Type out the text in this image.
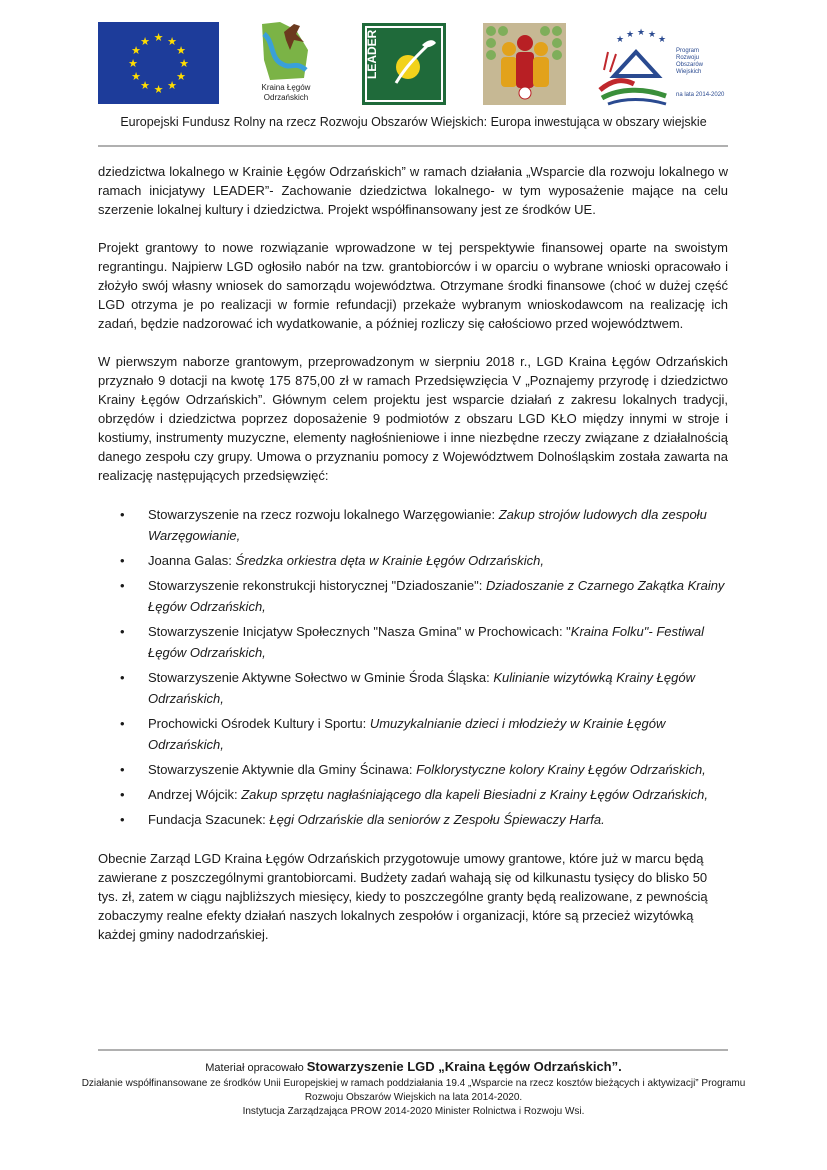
★ ★
★
★
★
★
★
★
★
★
★
★
Kraina Łęgów
Odrzańskich
LEADER	★ ★ ★ ★ ★
Program
Rozwoju
Obszarów
Wiejskich
na lata 2014-2020
Europejski Fundusz Rolny na rzecz Rozwoju Obszarów Wiejskich: Europa inwestująca w obszary wiejskie

dziedzictwa lokalnego w Krainie Łęgów Odrzańskich” w ramach działania „Wsparcie dla rozwoju lokalnego w ramach inicjatywy LEADER”- Zachowanie dziedzictwa lokalnego- w tym wyposażenie mające na celu szerzenie lokalnej kultury i dziedzictwa. Projekt współfinansowany jest ze środków UE.

Projekt grantowy to nowe rozwiązanie wprowadzone w tej perspektywie finansowej oparte na swoistym regrantingu. Najpierw LGD ogłosiło nabór na tzw. grantobiorców i w oparciu o wybrane wnioski opracowało i złożyło swój własny wniosek do samorządu województwa. Otrzymane środki finansowe (choć w dużej część LGD otrzyma je po realizacji w formie refundacji) przekaże wybranym wnioskodawcom na realizację ich zadań, będzie nadzorować ich wydatkowanie, a później rozliczy się całościowo przed województwem.

W pierwszym naborze grantowym, przeprowadzonym w sierpniu 2018 r., LGD Kraina Łęgów Odrzańskich przyznało 9 dotacji na kwotę 175 875,00 zł w ramach Przedsięwzięcia V „Poznajemy przyrodę i dziedzictwo Krainy Łęgów Odrzańskich”. Głównym celem projektu jest wsparcie działań z zakresu lokalnych tradycji, obrzędów i dziedzictwa poprzez doposażenie 9 podmiotów z obszaru LGD KŁO między innymi w stroje i kostiumy, instrumenty muzyczne, elementy nagłośnieniowe i inne niezbędne rzeczy związane z działalnością danego zespołu czy grupy. Umowa o przyznaniu pomocy z Województwem Dolnośląskim została zawarta na realizację następujących przedsięwzięć:

• Stowarzyszenie na rzecz rozwoju lokalnego Warzęgowianie: Zakup strojów ludowych dla zespołu Warzęgowianie,
• Joanna Galas: Średzka orkiestra dęta w Krainie Łęgów Odrzańskich,
• Stowarzyszenie rekonstrukcji historycznej "Dziadoszanie": Dziadoszanie z Czarnego Zakątka Krainy Łęgów Odrzańskich,
• Stowarzyszenie Inicjatyw Społecznych "Nasza Gmina" w Prochowicach: "Kraina Folku"- Festiwal Łęgów Odrzańskich,
• Stowarzyszenie Aktywne Sołectwo w Gminie Środa Śląska: Kulinianie wizytówką Krainy Łęgów Odrzańskich,
• Prochowicki Ośrodek Kultury i Sportu: Umuzykalnianie dzieci i młodzieży w Krainie Łęgów Odrzańskich,
• Stowarzyszenie Aktywnie dla Gminy Ścinawa: Folklorystyczne kolory Krainy Łęgów Odrzańskich,
• Andrzej Wójcik: Zakup sprzętu nagłaśniającego dla kapeli Biesiadni z Krainy Łęgów Odrzańskich,
• Fundacja Szacunek: Łęgi Odrzańskie dla seniorów z Zespołu Śpiewaczy Harfa.

Obecnie Zarząd LGD Kraina Łęgów Odrzańskich przygotowuje umowy grantowe, które już w marcu będą zawierane z poszczególnymi grantobiorcami. Budżety zadań wahają się od kilkunastu tysięcy do blisko 50 tys. zł, zatem w ciągu najbliższych miesięcy, kiedy to poszczególne granty będą realizowane, z pewnością zobaczymy realne efekty działań naszych lokalnych zespołów i organizacji, które są przecież wizytówką każdej gminy nadodrzańskiej.

Materiał opracowało Stowarzyszenie LGD „Kraina Łęgów Odrzańskich”.
Działanie współfinansowane ze środków Unii Europejskiej w ramach poddziałania 19.4 „Wsparcie na rzecz kosztów bieżących i aktywizacji” Programu Rozwoju Obszarów Wiejskich na lata 2014-2020.
Instytucja Zarządzająca PROW 2014-2020 Minister Rolnictwa i Rozwoju Wsi.
